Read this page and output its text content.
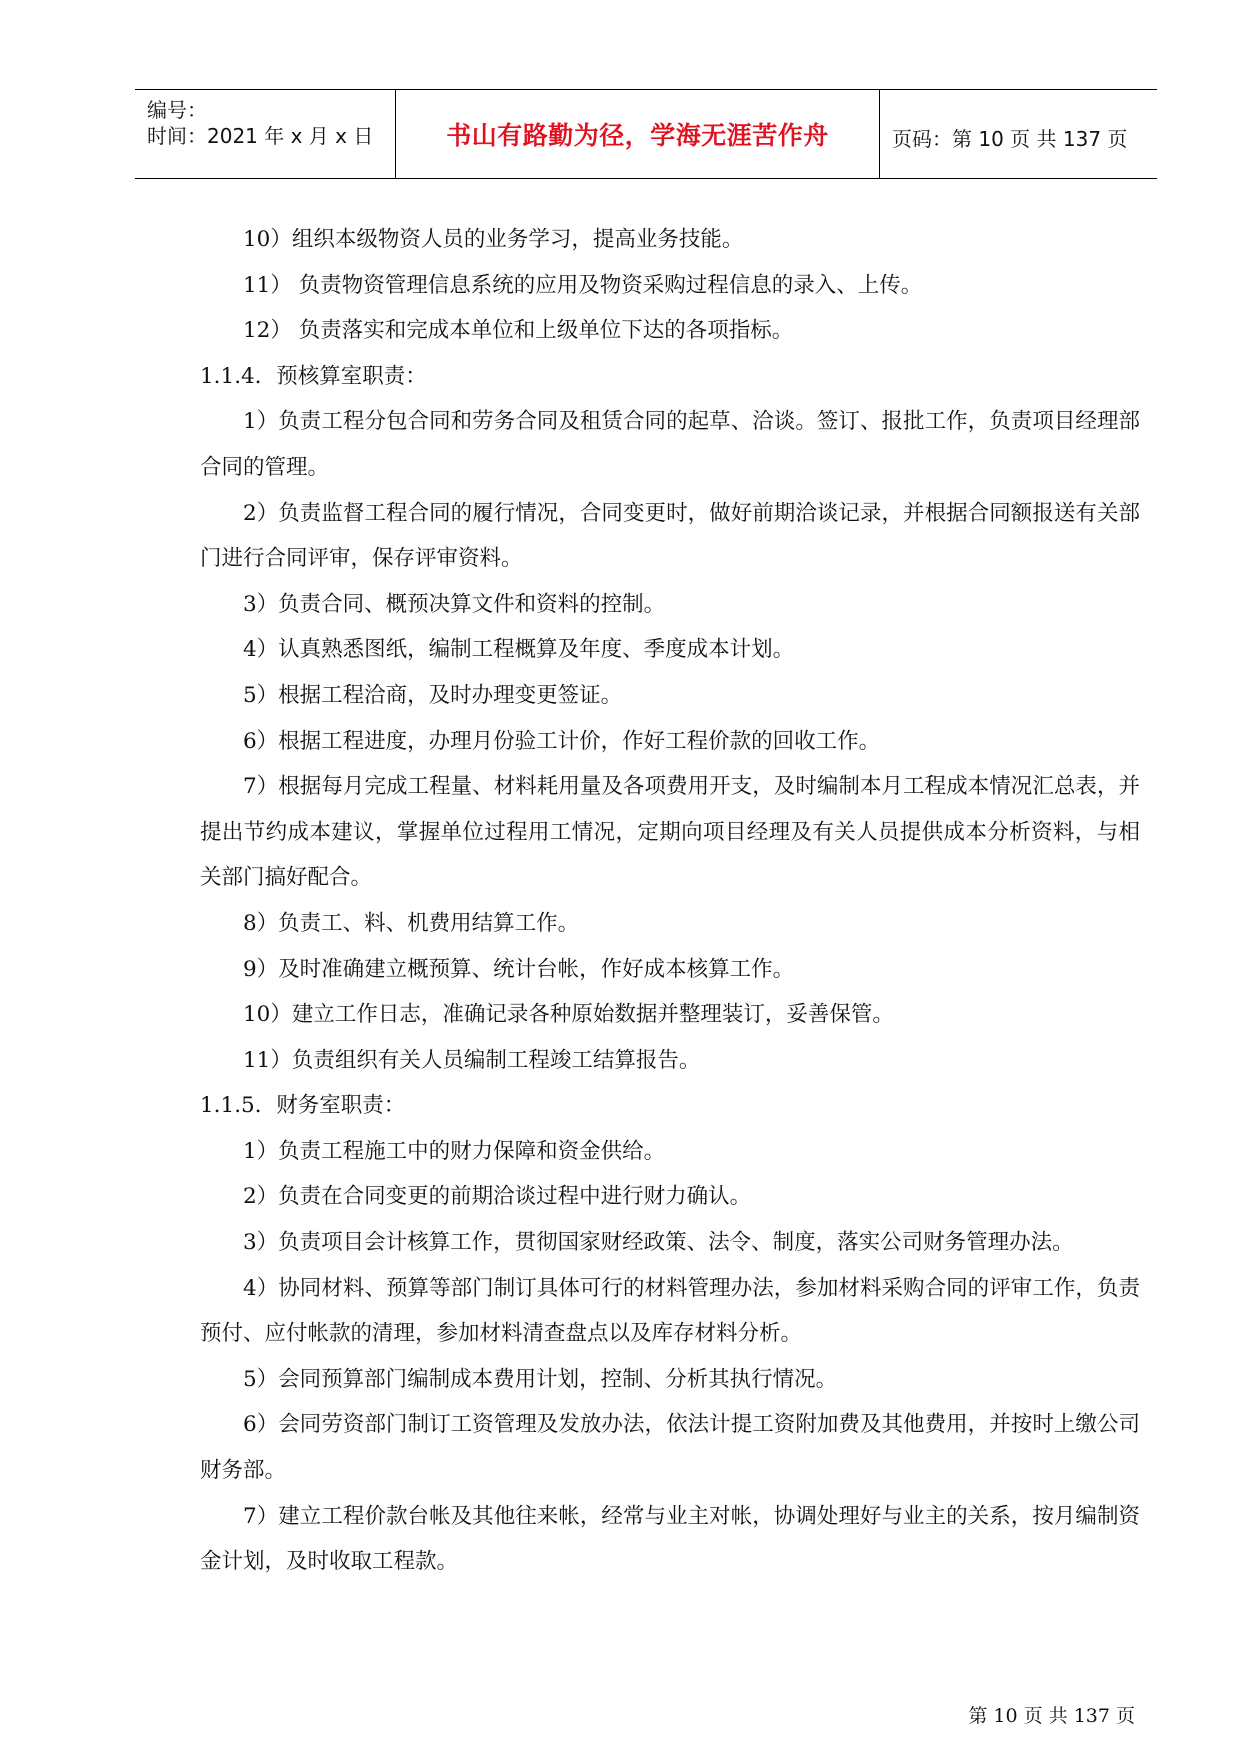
编号：
时间：2021 年 x 月 x 日	书山有路勤为径，学海无涯苦作舟	页码：第 10 页 共 137 页

10）组织本级物资人员的业务学习，提高业务技能。

11） 负责物资管理信息系统的应用及物资采购过程信息的录入、上传。

12） 负责落实和完成本单位和上级单位下达的各项指标。

1.1.4．预核算室职责：

1）负责工程分包合同和劳务合同及租赁合同的起草、洽谈。签订、报批工作，负责项目经理部合同的管理。

2）负责监督工程合同的履行情况，合同变更时，做好前期洽谈记录，并根据合同额报送有关部门进行合同评审，保存评审资料。

3）负责合同、概预决算文件和资料的控制。

4）认真熟悉图纸，编制工程概算及年度、季度成本计划。

5）根据工程洽商，及时办理变更签证。

6）根据工程进度，办理月份验工计价，作好工程价款的回收工作。

7）根据每月完成工程量、材料耗用量及各项费用开支，及时编制本月工程成本情况汇总表，并提出节约成本建议，掌握单位过程用工情况，定期向项目经理及有关人员提供成本分析资料，与相关部门搞好配合。

8）负责工、料、机费用结算工作。

9）及时准确建立概预算、统计台帐，作好成本核算工作。

10）建立工作日志，准确记录各种原始数据并整理装订，妥善保管。

11）负责组织有关人员编制工程竣工结算报告。

1.1.5．财务室职责：

1）负责工程施工中的财力保障和资金供给。

2）负责在合同变更的前期洽谈过程中进行财力确认。

3）负责项目会计核算工作，贯彻国家财经政策、法令、制度，落实公司财务管理办法。

4）协同材料、预算等部门制订具体可行的材料管理办法，参加材料采购合同的评审工作，负责预付、应付帐款的清理，参加材料清查盘点以及库存材料分析。

5）会同预算部门编制成本费用计划，控制、分析其执行情况。

6）会同劳资部门制订工资管理及发放办法，依法计提工资附加费及其他费用，并按时上缴公司财务部。

7）建立工程价款台帐及其他往来帐，经常与业主对帐，协调处理好与业主的关系，按月编制资金计划，及时收取工程款。

第 10 页 共 137 页
